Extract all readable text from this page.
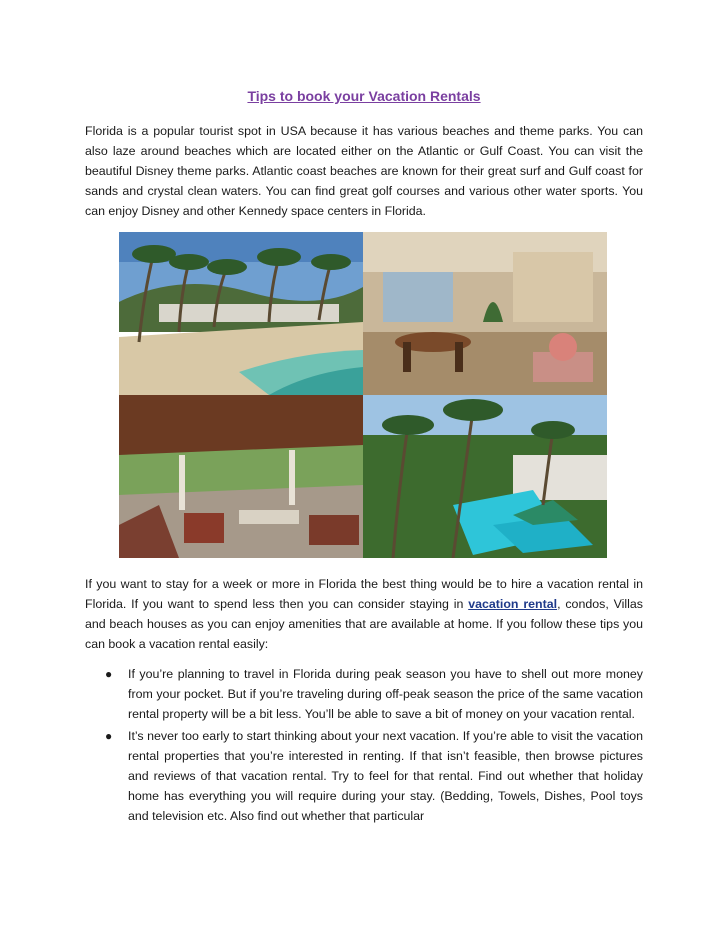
Tips to book your Vacation Rentals

Florida is a popular tourist spot in USA because it has various beaches and theme parks. You can also laze around beaches which are located either on the Atlantic or Gulf Coast. You can visit the beautiful Disney theme parks. Atlantic coast beaches are known for their great surf and Gulf coast for sands and crystal clean waters. You can find great golf courses and various other water sports. You can enjoy Disney and other Kennedy space centers in Florida.

If you want to stay for a week or more in Florida the best thing would be to hire a vacation rental in Florida. If you want to spend less then you can consider staying in vacation rental, condos, Villas and beach houses as you can enjoy amenities that are available at home. If you follow these tips you can book a vacation rental easily:

● If you’re planning to travel in Florida during peak season you have to shell out more money from your pocket. But if you’re traveling during off-peak season the price of the same vacation rental property will be a bit less. You’ll be able to save a bit of money on your vacation rental.
● It’s never too early to start thinking about your next vacation. If you’re able to visit the vacation rental properties that you’re interested in renting. If that isn’t feasible, then browse pictures and reviews of that vacation rental. Try to feel for that rental. Find out whether that holiday home has everything you will require during your stay. (Bedding, Towels, Dishes, Pool toys and television etc. Also find out whether that particular
